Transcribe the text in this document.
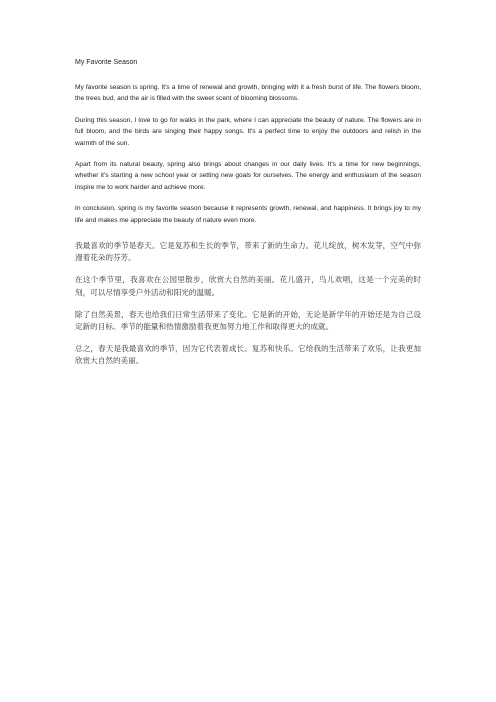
My Favorite Season

My favorite season is spring. It's a time of renewal and growth, bringing with it a fresh burst of life. The flowers bloom, the trees bud, and the air is filled with the sweet scent of blooming blossoms.

During this season, I love to go for walks in the park, where I can appreciate the beauty of nature. The flowers are in full bloom, and the birds are singing their happy songs. It's a perfect time to enjoy the outdoors and relish in the warmth of the sun.

Apart from its natural beauty, spring also brings about changes in our daily lives. It's a time for new beginnings, whether it's starting a new school year or setting new goals for ourselves. The energy and enthusiasm of the season inspire me to work harder and achieve more.

In conclusion, spring is my favorite season because it represents growth, renewal, and happiness. It brings joy to my life and makes me appreciate the beauty of nature even more.

我最喜欢的季节是春天。它是复苏和生长的季节，带来了新的生命力。花儿绽放，树木发芽，空气中弥漫着花朵的芬芳。

在这个季节里，我喜欢在公园里散步，欣赏大自然的美丽。花儿盛开，鸟儿欢唱，这是一个完美的时刻，可以尽情享受户外活动和阳光的温暖。

除了自然美景，春天也给我们日常生活带来了变化。它是新的开始，无论是新学年的开始还是为自己设定新的目标。季节的能量和热情激励着我更加努力地工作和取得更大的成就。

总之，春天是我最喜欢的季节，因为它代表着成长、复苏和快乐。它给我的生活带来了欢乐，让我更加欣赏大自然的美丽。
